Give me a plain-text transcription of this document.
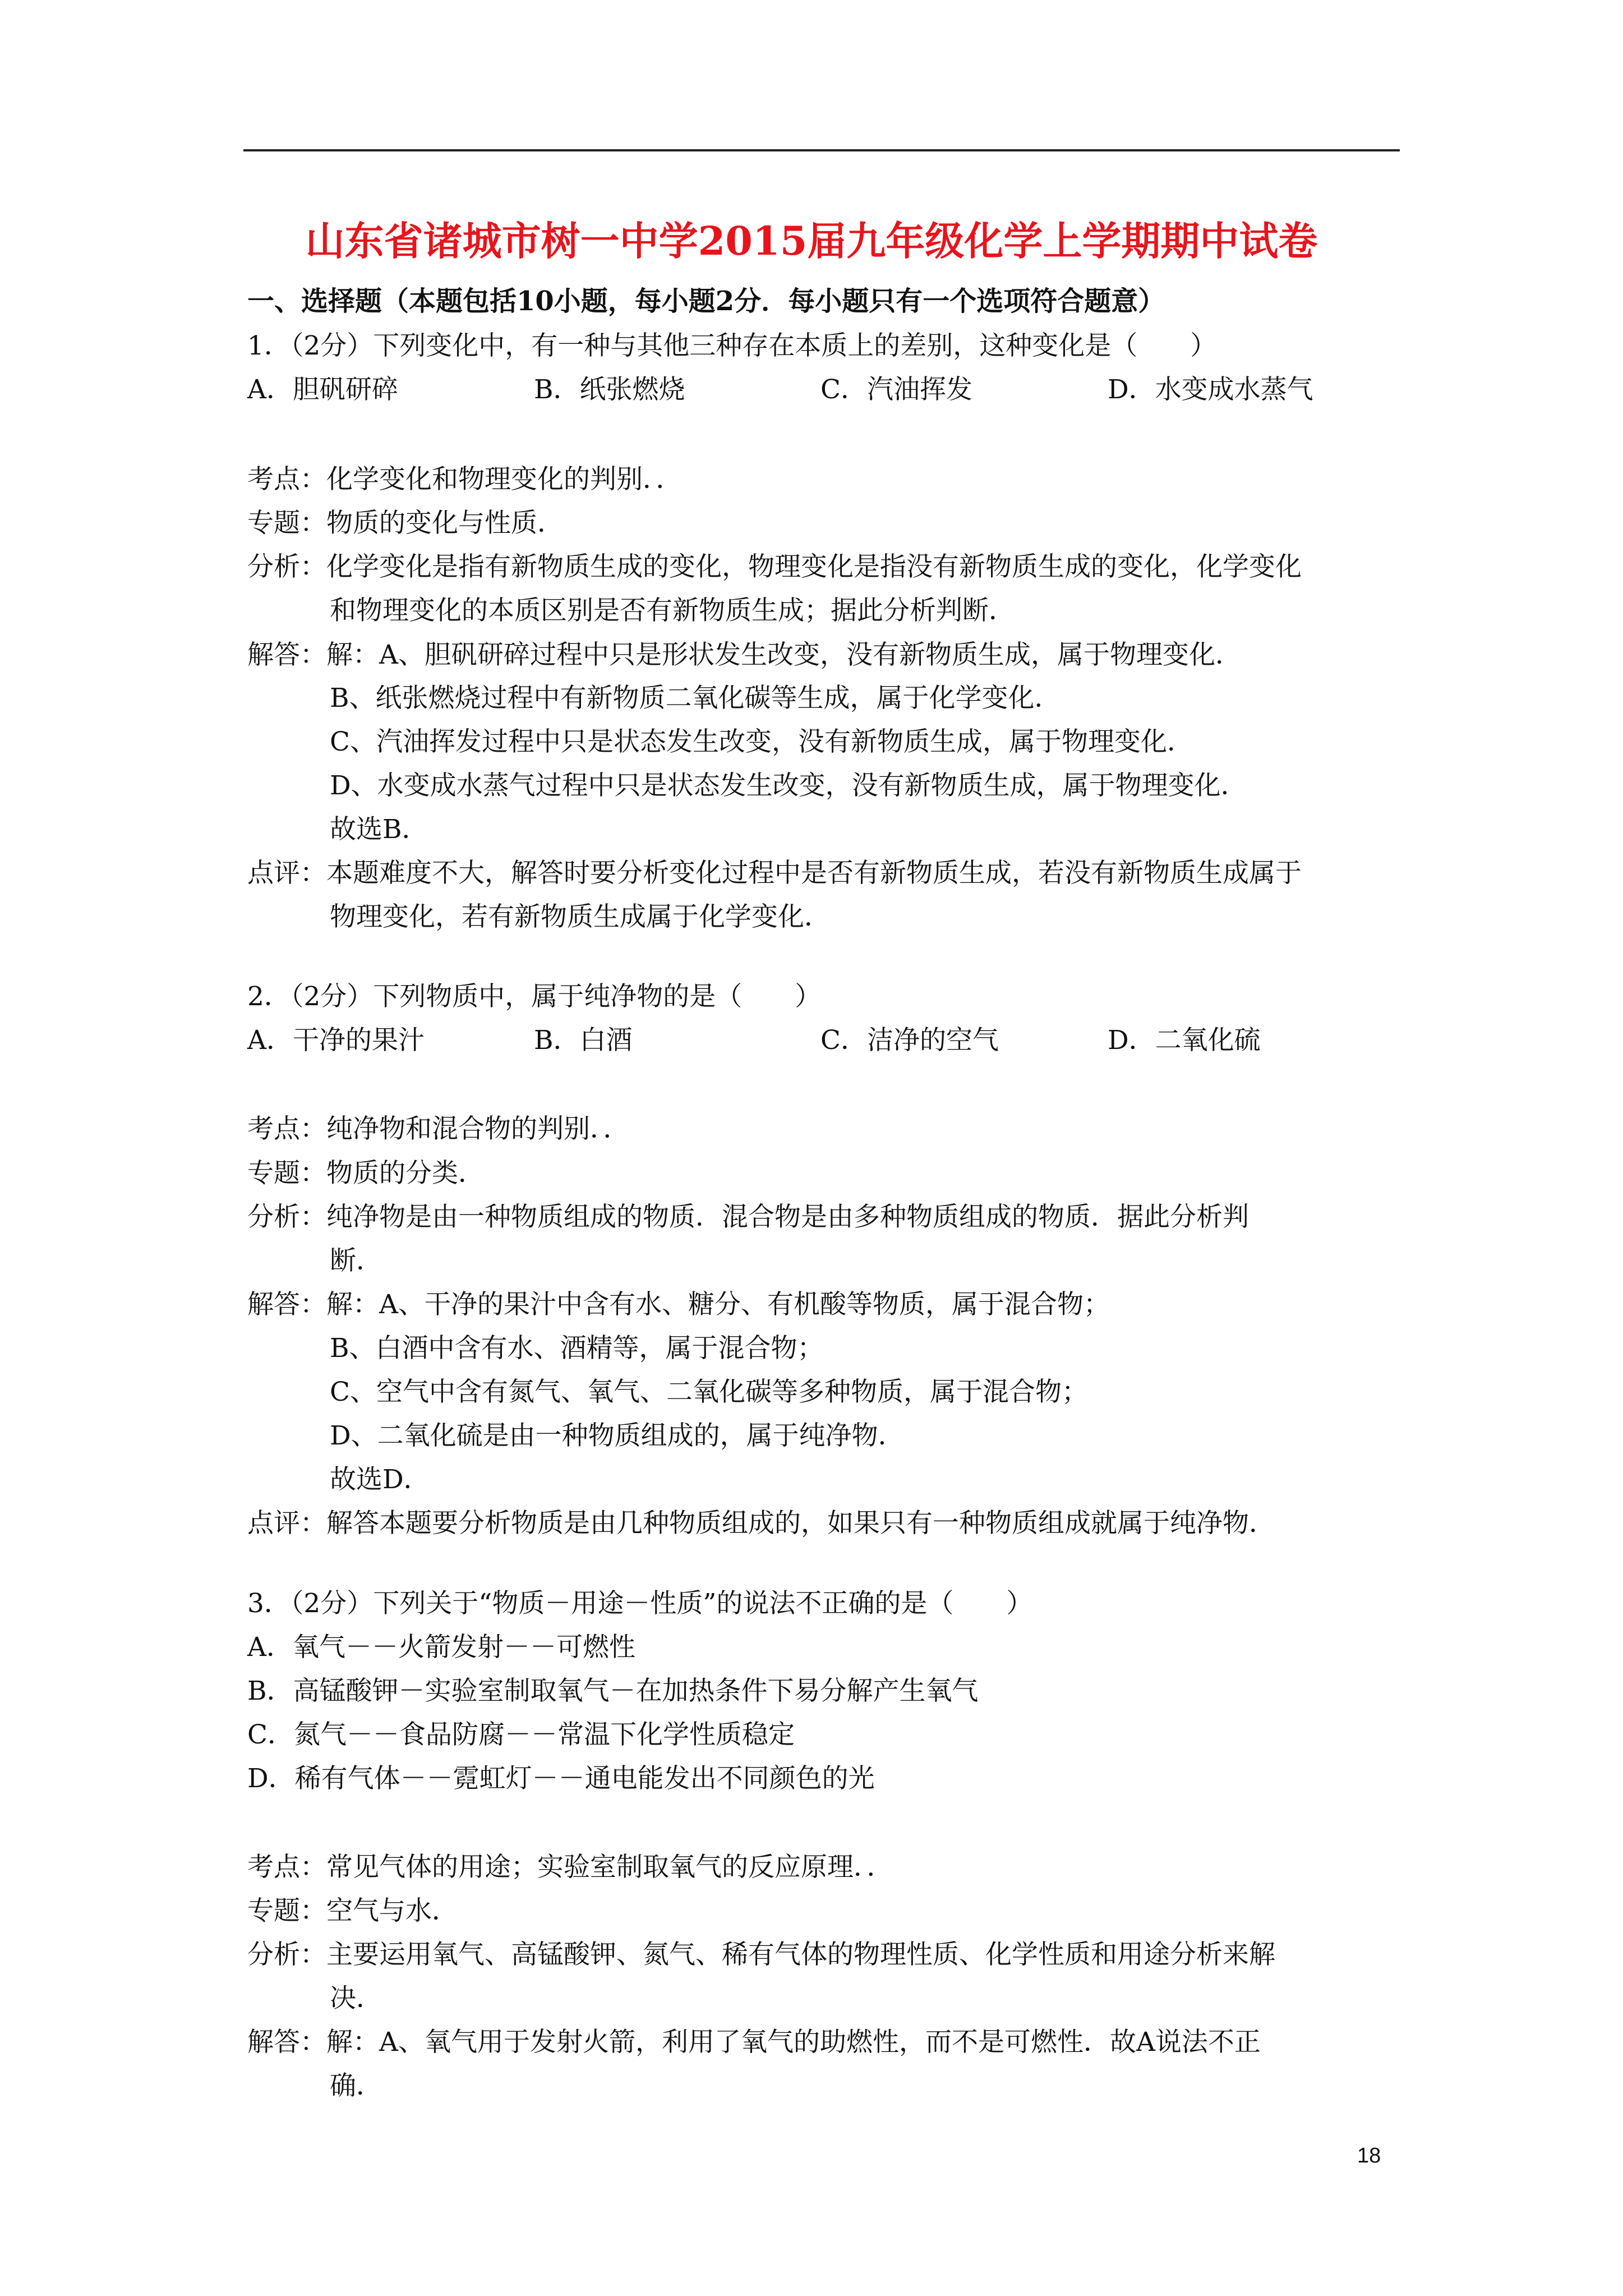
山东省诸城市树一中学2015届九年级化学上学期期中试卷
一、选择题（本题包括10小题，每小题2分．每小题只有一个选项符合题意）
1．（2分）下列变化中，有一种与其他三种存在本质上的差别，这种变化是（　　）
A．胆矾研碎	B．纸张燃烧	C．汽油挥发	D．水变成水蒸气
考点：化学变化和物理变化的判别．．
专题：物质的变化与性质．
分析：化学变化是指有新物质生成的变化，物理变化是指没有新物质生成的变化，化学变化
和物理变化的本质区别是否有新物质生成；据此分析判断．
解答：解：A、胆矾研碎过程中只是形状发生改变，没有新物质生成，属于物理变化．
B、纸张燃烧过程中有新物质二氧化碳等生成，属于化学变化．
C、汽油挥发过程中只是状态发生改变，没有新物质生成，属于物理变化．
D、水变成水蒸气过程中只是状态发生改变，没有新物质生成，属于物理变化．
故选B．
点评：本题难度不大，解答时要分析变化过程中是否有新物质生成，若没有新物质生成属于
物理变化，若有新物质生成属于化学变化．
2．（2分）下列物质中，属于纯净物的是（　　）
A．干净的果汁	B．白酒	C．洁净的空气	D．二氧化硫
考点：纯净物和混合物的判别．．
专题：物质的分类．
分析：纯净物是由一种物质组成的物质．混合物是由多种物质组成的物质．据此分析判
断．
解答：解：A、干净的果汁中含有水、糖分、有机酸等物质，属于混合物；
B、白酒中含有水、酒精等，属于混合物；
C、空气中含有氮气、氧气、二氧化碳等多种物质，属于混合物；
D、二氧化硫是由一种物质组成的，属于纯净物．
故选D．
点评：解答本题要分析物质是由几种物质组成的，如果只有一种物质组成就属于纯净物．
3．（2分）下列关于“物质－用途－性质”的说法不正确的是（　　）
A．氧气－－火箭发射－－可燃性
B．高锰酸钾－实验室制取氧气－在加热条件下易分解产生氧气
C．氮气－－食品防腐－－常温下化学性质稳定
D．稀有气体－－霓虹灯－－通电能发出不同颜色的光
考点：常见气体的用途；实验室制取氧气的反应原理．．
专题：空气与水．
分析：主要运用氧气、高锰酸钾、氮气、稀有气体的物理性质、化学性质和用途分析来解
决．
解答：解：A、氧气用于发射火箭，利用了氧气的助燃性，而不是可燃性．故A说法不正
确．
18
